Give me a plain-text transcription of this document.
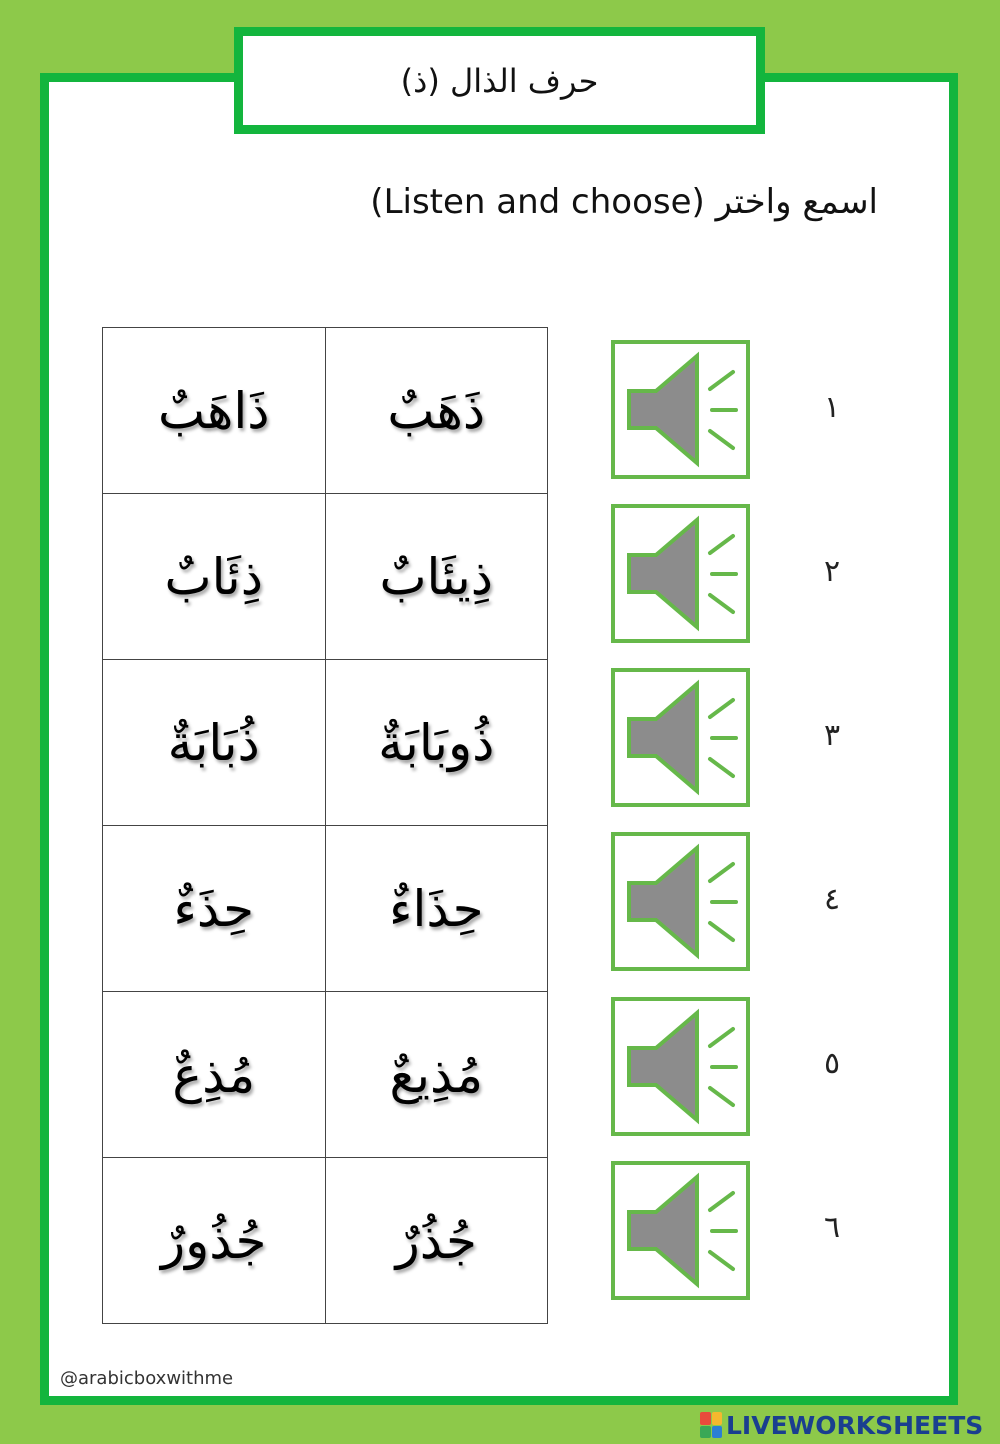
حرف الذال (ذ)
اسمع واختر (Listen and choose)
ذَاهَبٌ	ذَهَبٌ
ذِئَابٌ	ذِيئَابٌ
ذُبَابَةٌ	ذُوبَابَةٌ
حِذَءٌ	حِذَاءٌ
مُذِعٌ	مُذِيعٌ
جُذُورٌ	جُذُرٌ
١
٢
٣
٤
٥
٦
@arabicboxwithme
LIVEWORKSHEETS
